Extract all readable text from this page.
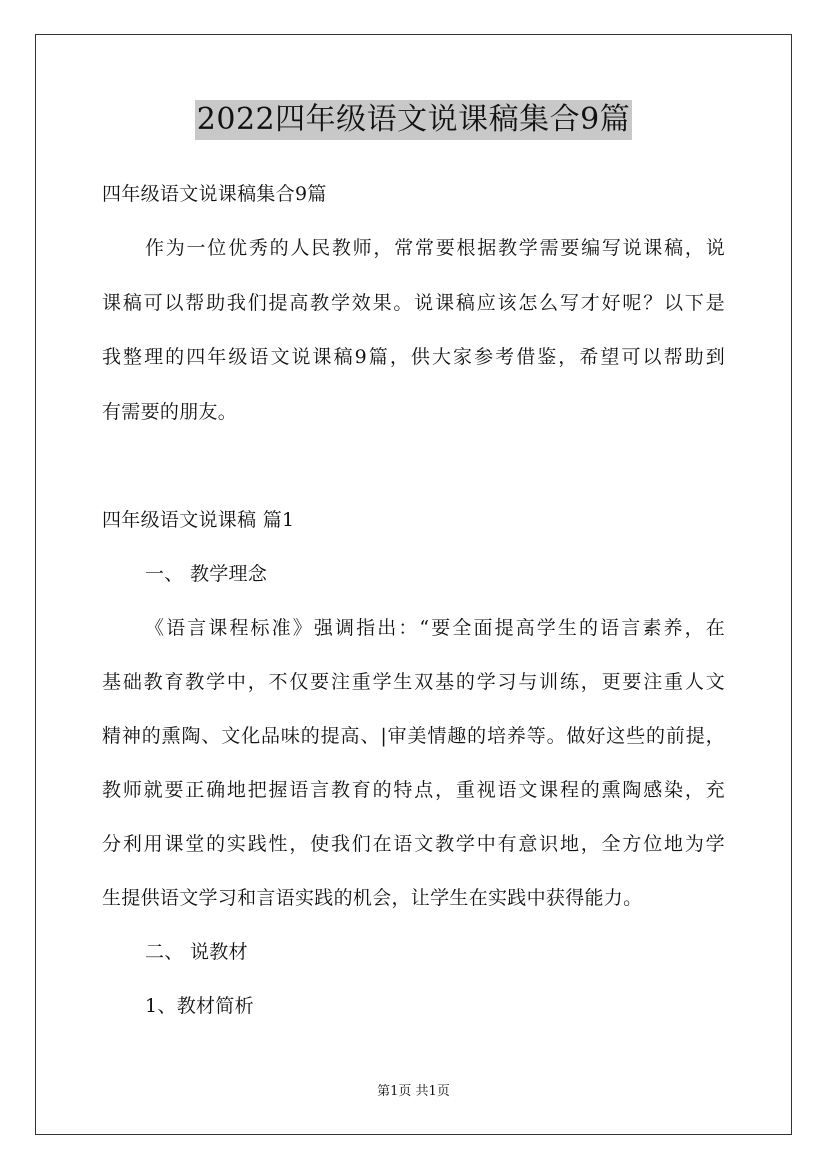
2022四年级语文说课稿集合9篇
四年级语文说课稿集合9篇
作为一位优秀的人民教师，常常要根据教学需要编写说课稿，说
课稿可以帮助我们提高教学效果。说课稿应该怎么写才好呢？以下是
我整理的四年级语文说课稿9篇，供大家参考借鉴，希望可以帮助到
有需要的朋友。
四年级语文说课稿 篇1
一、 教学理念
《语言课程标准》强调指出：“要全面提高学生的语言素养，在
基础教育教学中，不仅要注重学生双基的学习与训练，更要注重人文
精神的熏陶、文化品味的提高、|审美情趣的培养等。做好这些的前提，
教师就要正确地把握语言教育的特点，重视语文课程的熏陶感染，充
分利用课堂的实践性，使我们在语文教学中有意识地，全方位地为学
生提供语文学习和言语实践的机会，让学生在实践中获得能力。
二、 说教材
1、教材简析
第1页 共1页
